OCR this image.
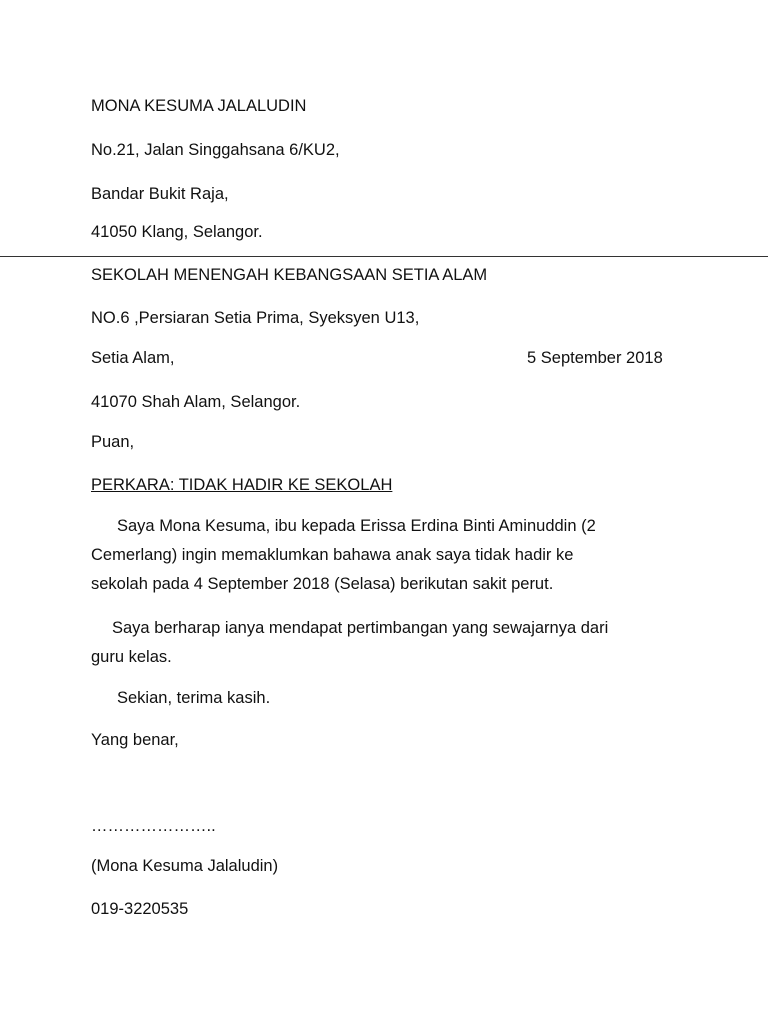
MONA KESUMA JALALUDIN
No.21, Jalan Singgahsana 6/KU2,
Bandar Bukit Raja,
41050 Klang, Selangor.
SEKOLAH MENENGAH KEBANGSAAN SETIA ALAM
NO.6 ,Persiaran Setia Prima, Syeksyen U13,
Setia Alam,	5 September 2018
41070 Shah Alam, Selangor.
Puan,
PERKARA: TIDAK HADIR KE SEKOLAH
Saya Mona Kesuma, ibu kepada Erissa Erdina Binti Aminuddin (2
Cemerlang) ingin memaklumkan bahawa anak saya tidak hadir ke
sekolah pada 4 September 2018 (Selasa) berikutan sakit perut.
Saya berharap ianya mendapat pertimbangan yang sewajarnya dari
guru kelas.
Sekian, terima kasih.
Yang benar,
…………………..
(Mona Kesuma Jalaludin)
019-3220535
